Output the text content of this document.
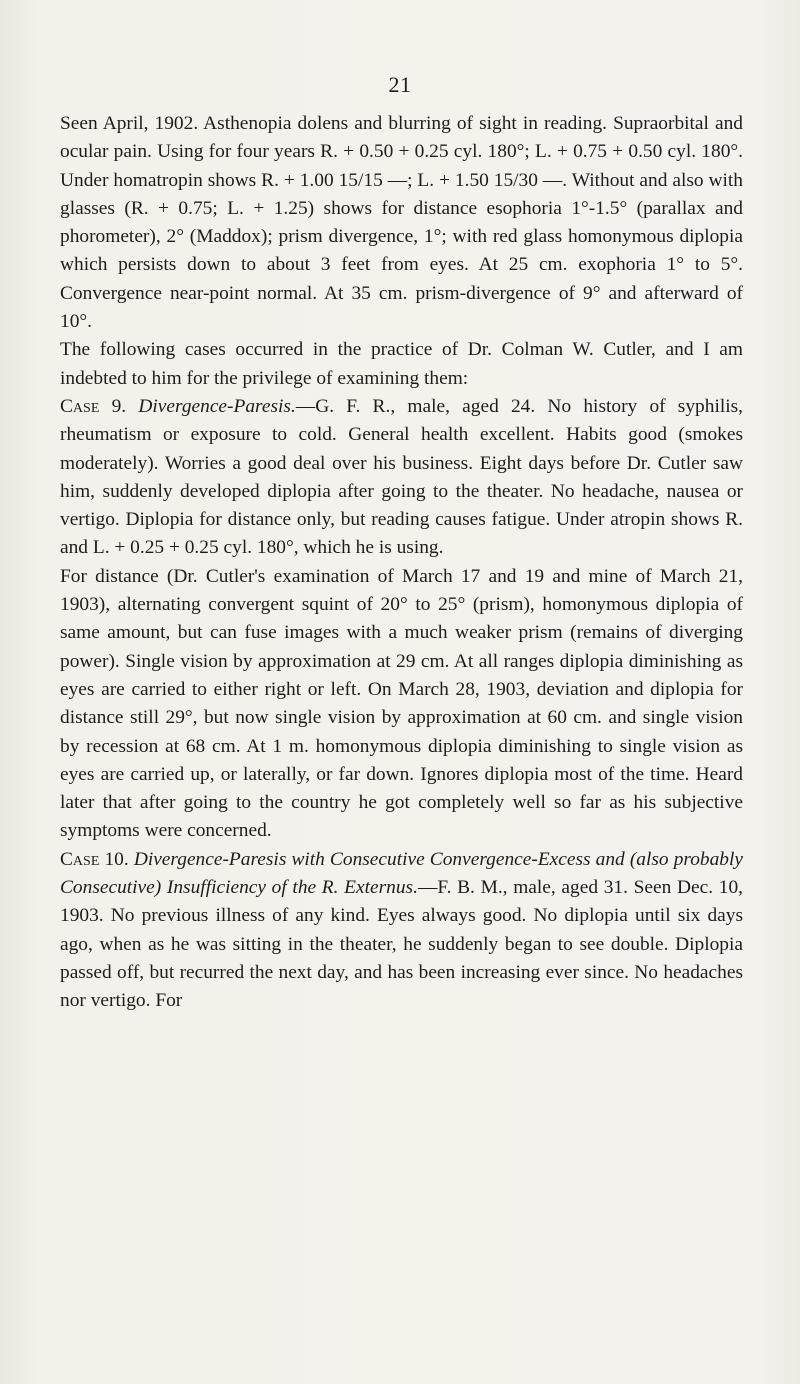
21

Seen April, 1902. Asthenopia dolens and blurring of sight in reading. Supraorbital and ocular pain. Using for four years R. + 0.50 + 0.25 cyl. 180°; L. + 0.75 + 0.50 cyl. 180°. Under homatropin shows R. + 1.00 15/15 —; L. + 1.50 15/30 —. Without and also with glasses (R. + 0.75; L. + 1.25) shows for distance esophoria 1°-1.5° (parallax and phorometer), 2° (Maddox); prism divergence, 1°; with red glass homonymous diplopia which persists down to about 3 feet from eyes. At 25 cm. exophoria 1° to 5°. Convergence near-point normal. At 35 cm. prism-divergence of 9° and afterward of 10°.

The following cases occurred in the practice of Dr. Colman W. Cutler, and I am indebted to him for the privilege of examining them:

Case 9. Divergence-Paresis.—G. F. R., male, aged 24. No history of syphilis, rheumatism or exposure to cold. General health excellent. Habits good (smokes moderately). Worries a good deal over his business. Eight days before Dr. Cutler saw him, suddenly developed diplopia after going to the theater. No headache, nausea or vertigo. Diplopia for distance only, but reading causes fatigue. Under atropin shows R. and L. + 0.25 + 0.25 cyl. 180°, which he is using.

For distance (Dr. Cutler's examination of March 17 and 19 and mine of March 21, 1903), alternating convergent squint of 20° to 25° (prism), homonymous diplopia of same amount, but can fuse images with a much weaker prism (remains of diverging power). Single vision by approximation at 29 cm. At all ranges diplopia diminishing as eyes are carried to either right or left. On March 28, 1903, deviation and diplopia for distance still 29°, but now single vision by approximation at 60 cm. and single vision by recession at 68 cm. At 1 m. homonymous diplopia diminishing to single vision as eyes are carried up, or laterally, or far down. Ignores diplopia most of the time. Heard later that after going to the country he got completely well so far as his subjective symptoms were concerned.

Case 10. Divergence-Paresis with Consecutive Convergence-Excess and (also probably Consecutive) Insufficiency of the R. Externus.—F. B. M., male, aged 31. Seen Dec. 10, 1903. No previous illness of any kind. Eyes always good. No diplopia until six days ago, when as he was sitting in the theater, he suddenly began to see double. Diplopia passed off, but recurred the next day, and has been increasing ever since. No headaches nor vertigo. For
